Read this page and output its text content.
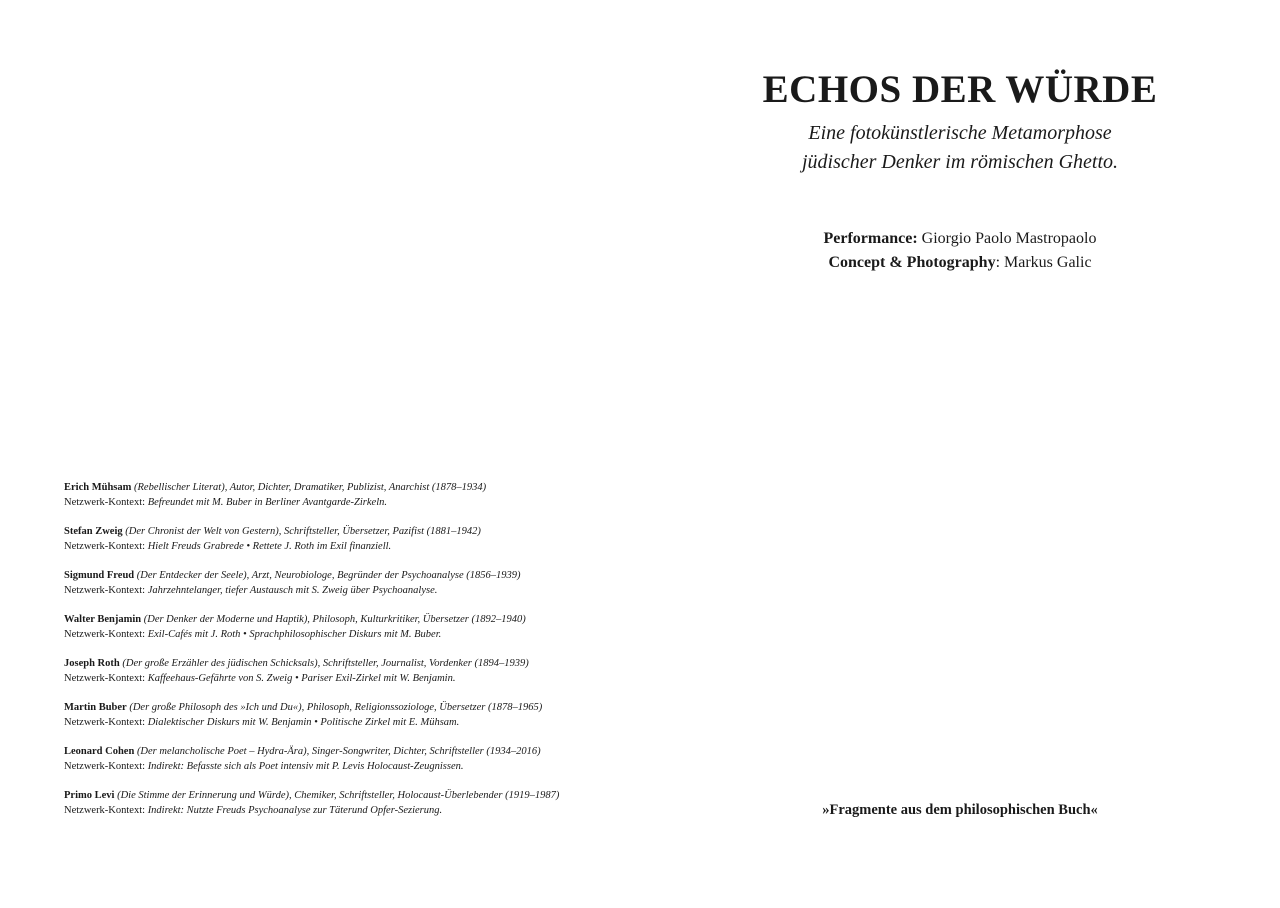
ECHOS DER WÜRDE
Eine fotokünstlerische Metamorphose
jüdischer Denker im römischen Ghetto.
Performance: Giorgio Paolo Mastropaolo
Concept & Photography: Markus Galic
»Fragmente aus dem philosophischen Buch«
Erich Mühsam (Rebellischer Literat), Autor, Dichter, Dramatiker, Publizist, Anarchist (1878–1934)
Netzwerk-Kontext: Befreundet mit M. Buber in Berliner Avantgarde-Zirkeln.
Stefan Zweig (Der Chronist der Welt von Gestern), Schriftsteller, Übersetzer, Pazifist (1881–1942)
Netzwerk-Kontext: Hielt Freuds Grabrede • Rettete J. Roth im Exil finanziell.
Sigmund Freud (Der Entdecker der Seele), Arzt, Neurobiologe, Begründer der Psychoanalyse (1856–1939)
Netzwerk-Kontext: Jahrzehntelanger, tiefer Austausch mit S. Zweig über Psychoanalyse.
Walter Benjamin (Der Denker der Moderne und Haptik), Philosoph, Kulturkritiker, Übersetzer (1892–1940)
Netzwerk-Kontext: Exil-Cafés mit J. Roth • Sprachphilosophischer Diskurs mit M. Buber.
Joseph Roth (Der große Erzähler des jüdischen Schicksals), Schriftsteller, Journalist, Vordenker (1894–1939)
Netzwerk-Kontext: Kaffeehaus-Gefährte von S. Zweig • Pariser Exil-Zirkel mit W. Benjamin.
Martin Buber (Der große Philosoph des »Ich und Du«), Philosoph, Religionssoziologe, Übersetzer (1878–1965)
Netzwerk-Kontext: Dialektischer Diskurs mit W. Benjamin • Politische Zirkel mit E. Mühsam.
Leonard Cohen (Der melancholische Poet – Hydra-Ära), Singer-Songwriter, Dichter, Schriftsteller (1934–2016)
Netzwerk-Kontext: Indirekt: Befasste sich als Poet intensiv mit P. Levis Holocaust-Zeugnissen.
Primo Levi (Die Stimme der Erinnerung und Würde), Chemiker, Schriftsteller, Holocaust-Überlebender (1919–1987)
Netzwerk-Kontext: Indirekt: Nutzte Freuds Psychoanalyse zur Täterund Opfer-Sezierung.
